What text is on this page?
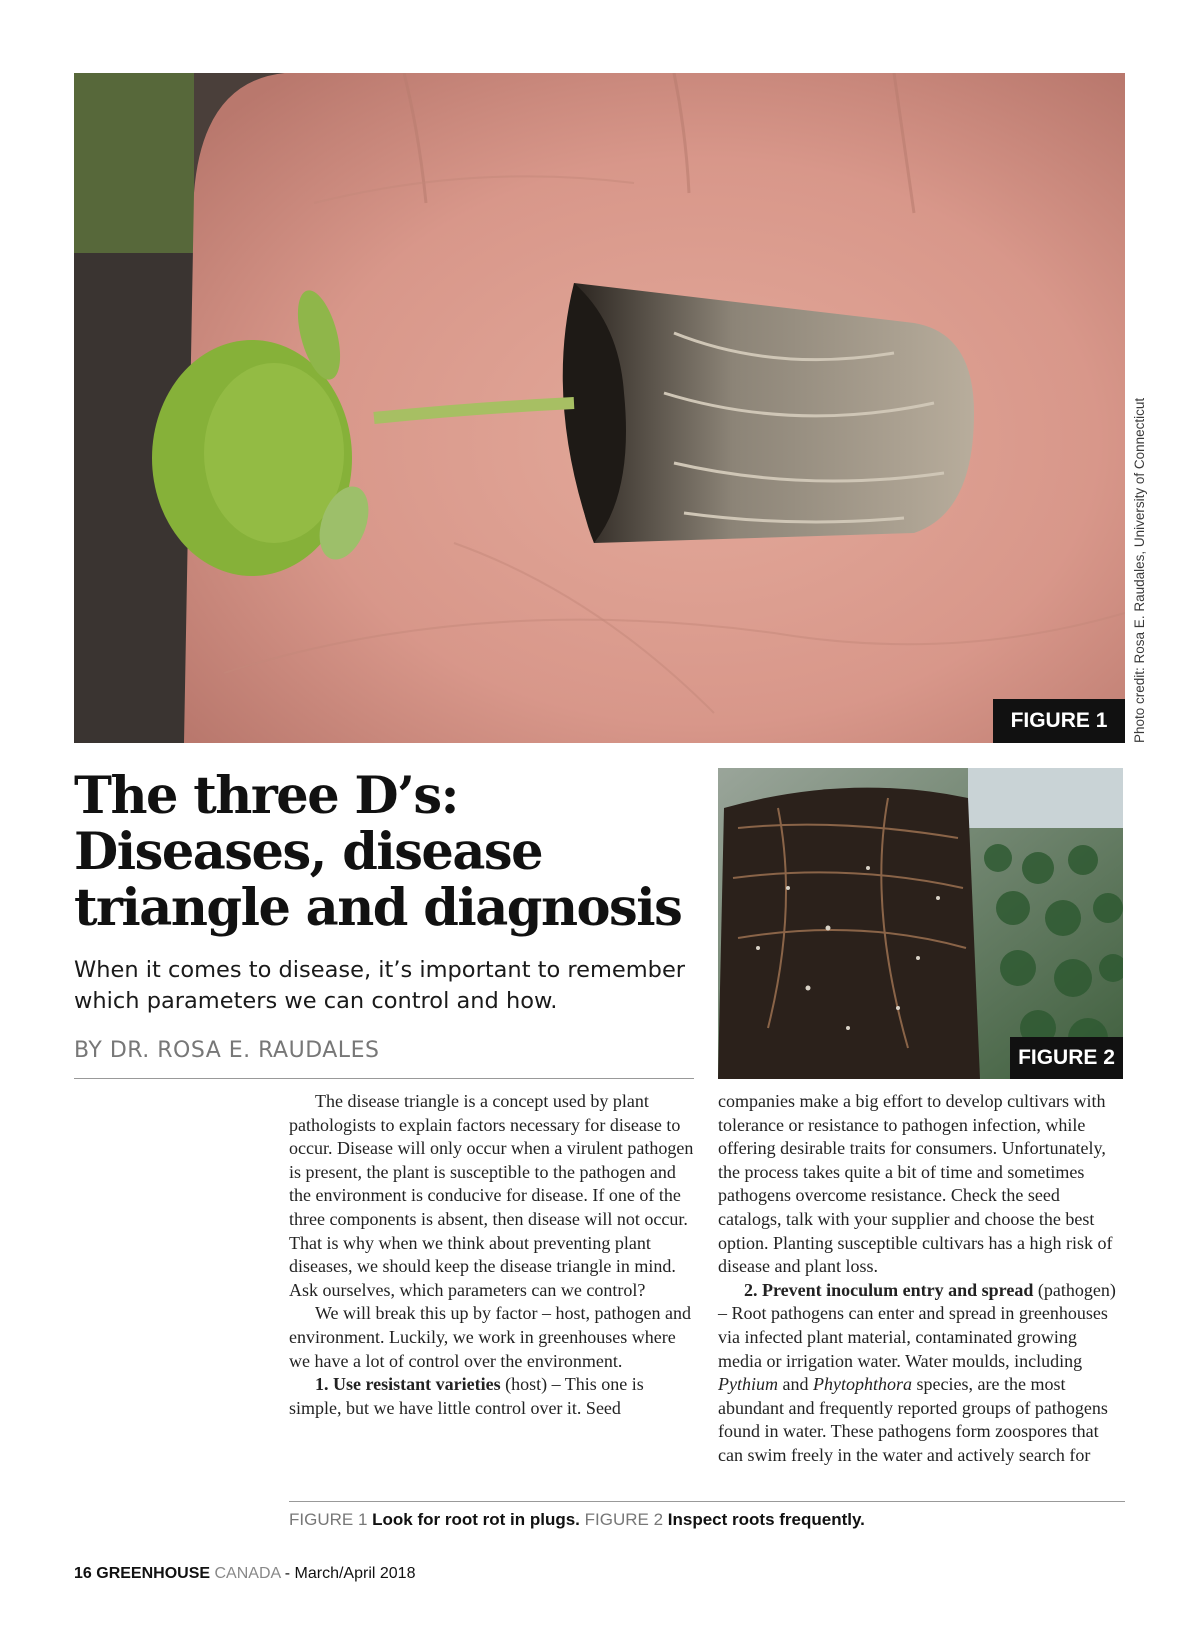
FIGURE 1	Photo credit: Rosa E. Raudales, University of Connecticut
The three D’s: Diseases, disease triangle and diagnosis

When it comes to disease, it’s important to remember which parameters we can control and how.

BY DR. ROSA E. RAUDALES	FIGURE 2

The disease triangle is a concept used by plant pathologists to explain factors necessary for disease to occur. Disease will only occur when a virulent pathogen is present, the plant is susceptible to the pathogen and the environment is conducive for disease. If one of the three components is absent, then disease will not occur. That is why when we think about preventing plant diseases, we should keep the disease triangle in mind. Ask ourselves, which parameters can we control?

We will break this up by factor – host, pathogen and environment. Luckily, we work in greenhouses where we have a lot of control over the environment.

1. Use resistant varieties (host) – This one is simple, but we have little control over it. Seed

companies make a big effort to develop cultivars with tolerance or resistance to pathogen infection, while offering desirable traits for consumers. Unfortunately, the process takes quite a bit of time and sometimes pathogens overcome resistance. Check the seed catalogs, talk with your supplier and choose the best option. Planting susceptible cultivars has a high risk of disease and plant loss.

2. Prevent inoculum entry and spread (pathogen) – Root pathogens can enter and spread in greenhouses via infected plant material, contaminated growing media or irrigation water. Water moulds, including Pythium and Phytophthora species, are the most abundant and frequently reported groups of pathogens found in water. These pathogens form zoospores that can swim freely in the water and actively search for

FIGURE 1 Look for root rot in plugs. FIGURE 2 Inspect roots frequently.
16 GREENHOUSE CANADA - March/April 2018
